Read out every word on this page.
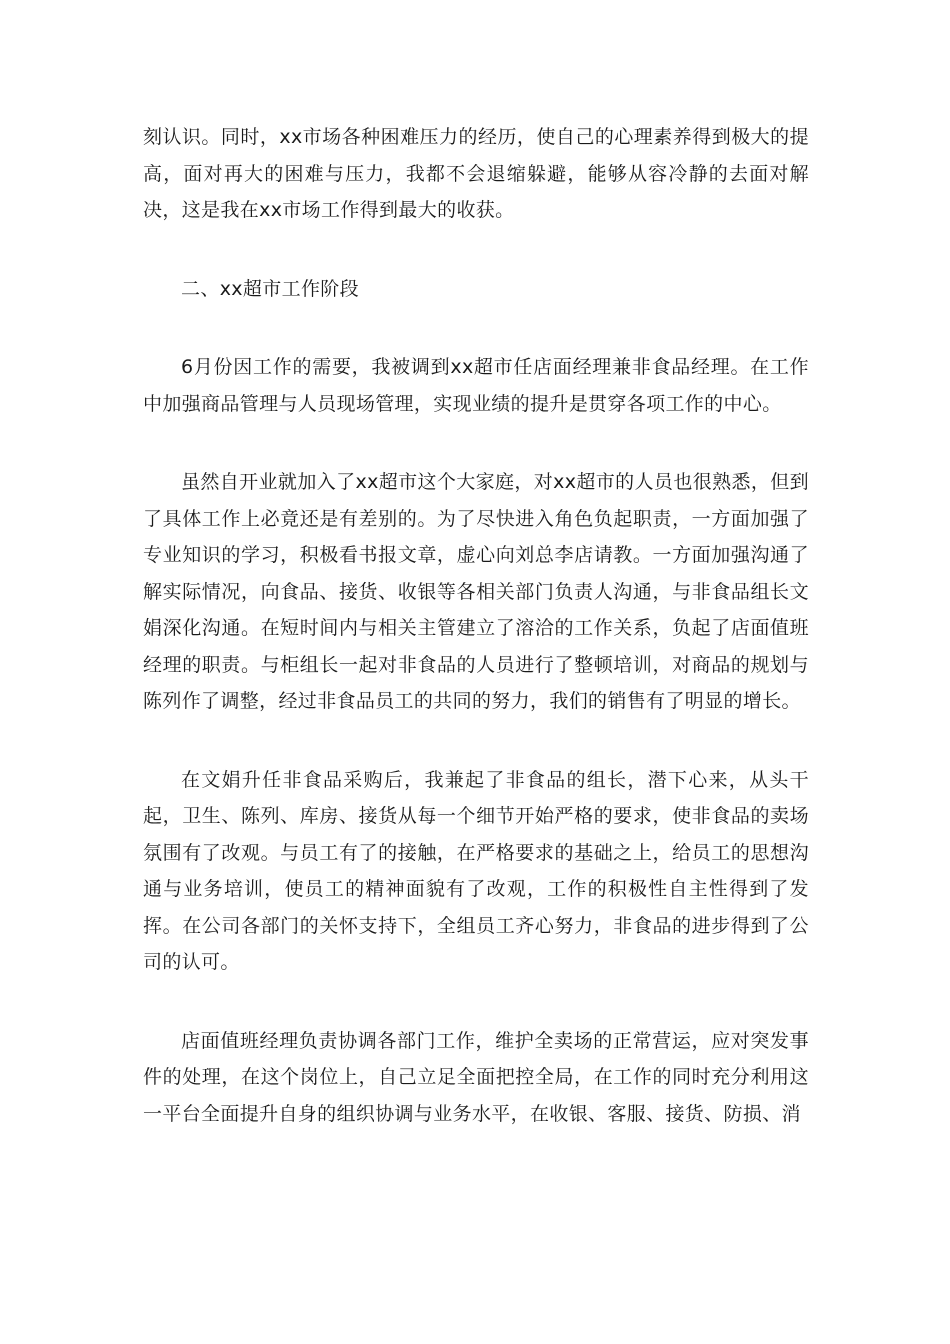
刻认识。同时，xx市场各种困难压力的经历，使自己的心理素养得到极大的提高，面对再大的困难与压力，我都不会退缩躲避，能够从容冷静的去面对解决，这是我在xx市场工作得到最大的收获。

二、xx超市工作阶段

6月份因工作的需要，我被调到xx超市任店面经理兼非食品经理。在工作中加强商品管理与人员现场管理，实现业绩的提升是贯穿各项工作的中心。

虽然自开业就加入了xx超市这个大家庭，对xx超市的人员也很熟悉，但到了具体工作上必竟还是有差别的。为了尽快进入角色负起职责，一方面加强了专业知识的学习，积极看书报文章，虚心向刘总李店请教。一方面加强沟通了解实际情况，向食品、接货、收银等各相关部门负责人沟通，与非食品组长文娟深化沟通。在短时间内与相关主管建立了溶洽的工作关系，负起了店面值班经理的职责。与柜组长一起对非食品的人员进行了整顿培训，对商品的规划与陈列作了调整，经过非食品员工的共同的努力，我们的销售有了明显的增长。

在文娟升任非食品采购后，我兼起了非食品的组长，潜下心来，从头干起，卫生、陈列、库房、接货从每一个细节开始严格的要求，使非食品的卖场氛围有了改观。与员工有了的接触，在严格要求的基础之上，给员工的思想沟通与业务培训，使员工的精神面貌有了改观，工作的积极性自主性得到了发挥。在公司各部门的关怀支持下，全组员工齐心努力，非食品的进步得到了公司的认可。

店面值班经理负责协调各部门工作，维护全卖场的正常营运，应对突发事件的处理，在这个岗位上，自己立足全面把控全局，在工作的同时充分利用这一平台全面提升自身的组织协调与业务水平，在收银、客服、接货、防损、消
